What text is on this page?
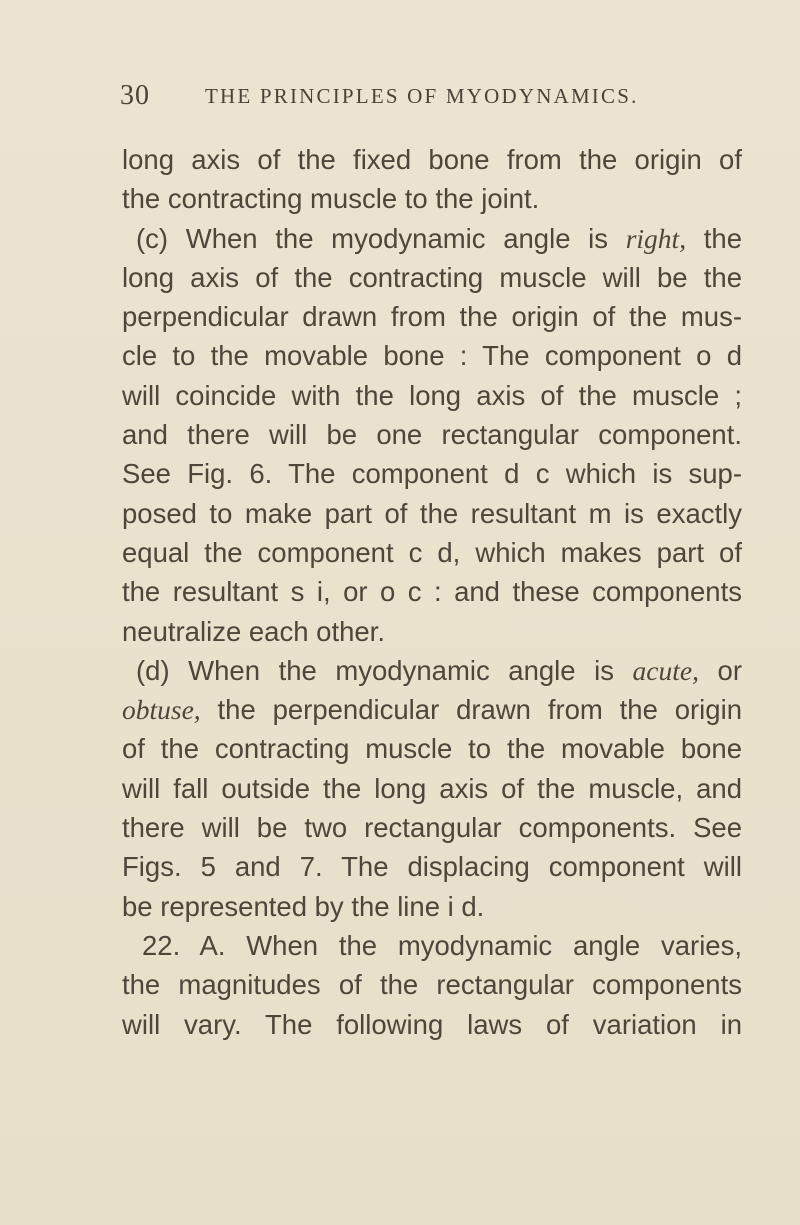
30	THE PRINCIPLES OF MYODYNAMICS.
long axis of the fixed bone from the origin of
the contracting muscle to the joint.
(c) When the myodynamic angle is right, the
long axis of the contracting muscle will be the
perpendicular drawn from the origin of the mus-
cle to the movable bone : The component o d
will coincide with the long axis of the muscle ;
and there will be one rectangular component.
See Fig. 6. The component d c which is sup-
posed to make part of the resultant m is exactly
equal the component c d, which makes part of
the resultant s i, or o c : and these components
neutralize each other.
(d) When the myodynamic angle is acute, or
obtuse, the perpendicular drawn from the origin
of the contracting muscle to the movable bone
will fall outside the long axis of the muscle, and
there will be two rectangular components. See
Figs. 5 and 7. The displacing component will
be represented by the line i d.
22. A. When the myodynamic angle varies,
the magnitudes of the rectangular components
will vary. The following laws of variation in
